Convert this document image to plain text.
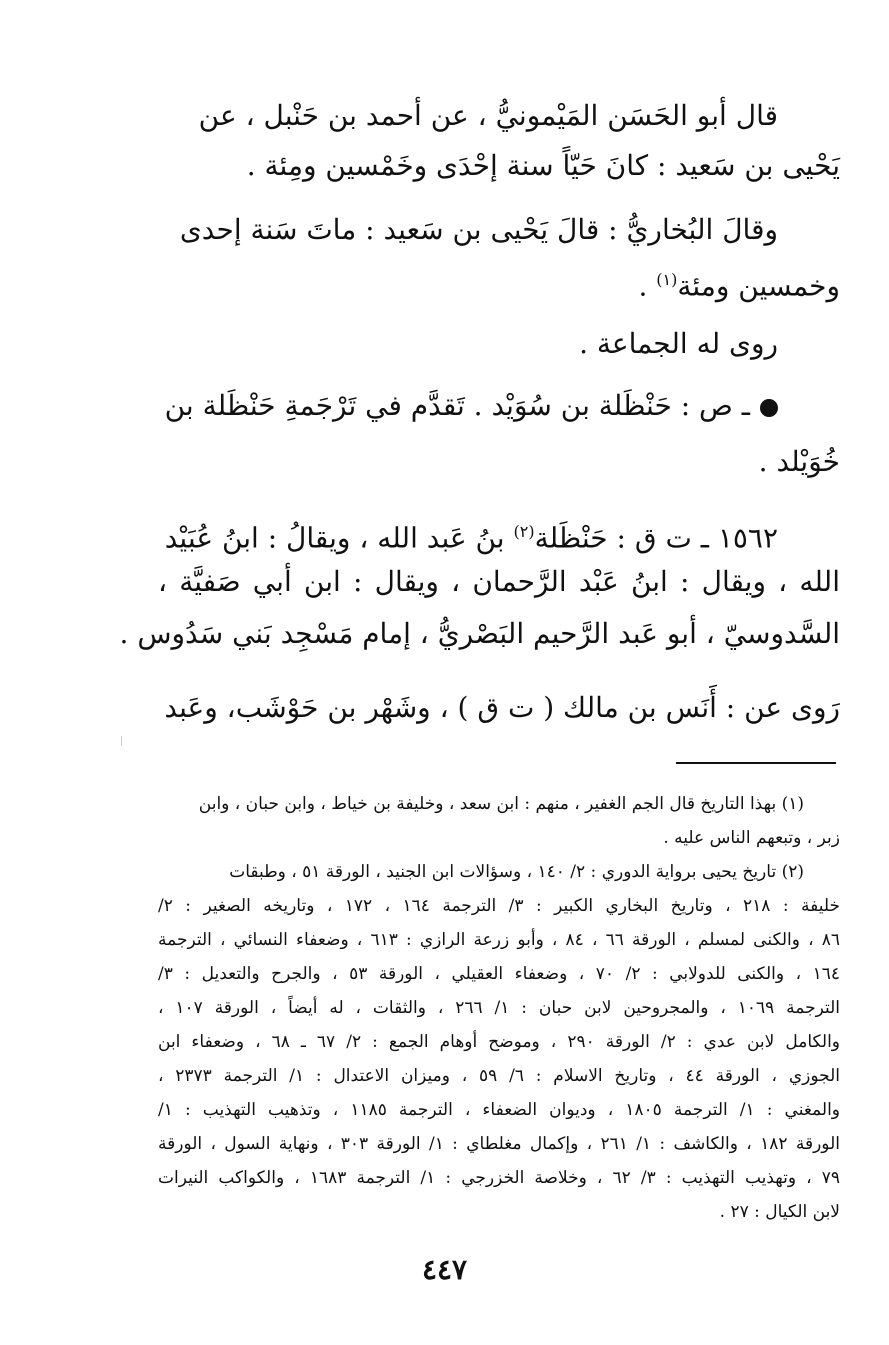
قال أبو الحَسَن المَيْمونيُّ ، عن أحمد بن حَنْبل ، عن
يَحْيى بن سَعيد : كانَ حَيّاً سنة إحْدَى وخَمْسين ومِئة .
وقالَ البُخاريُّ : قالَ يَحْيى بن سَعيد : ماتَ سَنة إحدى
وخمسين ومئة$^{(١)}$ .
روى له الجماعة .
ـ ص : حَنْظَلة بن سُوَيْد . تَقدَّم في تَرْجَمةِ حَنْظَلة بن
خُوَيْلد .
١٥٦٢ ـ ت ق : حَنْظَلة$^{(٢)}$ بنُ عَبد الله ، ويقالُ : ابنُ عُبَيْد
الله ، ويقال : ابنُ عَبْد الرَّحمان ، ويقال : ابن أبي صَفيَّة ،
السَّدوسيّ ، أبو عَبد الرَّحيم البَصْريُّ ، إمام مَسْجِد بَني سَدُوس .
رَوى عن : أَنَس بن مالك ( ت ق ) ، وشَهْر بن حَوْشَب، وعَبد
(١) بهذا التاريخ قال الجم الغفير ، منهم : ابن سعد ، وخليفة بن خياط ، وابن حبان ، وابن
زبر ، وتبعهم الناس عليه .
(٢) تاريخ يحيى برواية الدوري : ٢/ ١٤٠ ، وسؤالات ابن الجنيد ، الورقة ٥١ ، وطبقات
خليفة : ٢١٨ ، وتاريخ البخاري الكبير : ٣/ الترجمة ١٦٤ ، ١٧٢ ، وتاريخه الصغير : ٢/
٨٦ ، والكنى لمسلم ، الورقة ٦٦ ، ٨٤ ، وأبو زرعة الرازي : ٦١٣ ، وضعفاء النسائي ، الترجمة
١٦٤ ، والكنى للدولابي : ٢/ ٧٠ ، وضعفاء العقيلي ، الورقة ٥٣ ، والجرح والتعديل : ٣/
الترجمة ١٠٦٩ ، والمجروحين لابن حبان : ١/ ٢٦٦ ، والثقات ، له أيضاً ، الورقة ١٠٧ ،
والكامل لابن عدي : ٢/ الورقة ٢٩٠ ، وموضح أوهام الجمع : ٢/ ٦٧ ـ ٦٨ ، وضعفاء ابن
الجوزي ، الورقة ٤٤ ، وتاريخ الاسلام : ٦/ ٥٩ ، وميزان الاعتدال : ١/ الترجمة ٢٣٧٣ ،
والمغني : ١/ الترجمة ١٨٠٥ ، وديوان الضعفاء ، الترجمة ١١٨٥ ، وتذهيب التهذيب : ١/
الورقة ١٨٢ ، والكاشف : ١/ ٢٦١ ، وإكمال مغلطاي : ١/ الورقة ٣٠٣ ، ونهاية السول ، الورقة
٧٩ ، وتهذيب التهذيب : ٣/ ٦٢ ، وخلاصة الخزرجي : ١/ الترجمة ١٦٨٣ ، والكواكب النيرات
لابن الكيال : ٢٧ .
٤٤٧
